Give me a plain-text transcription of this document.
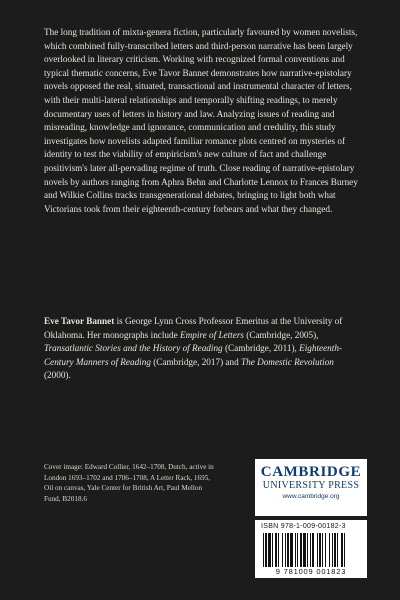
The long tradition of mixta-genera fiction, particularly favoured by women novelists, which combined fully-transcribed letters and third-person narrative has been largely overlooked in literary criticism. Working with recognized formal conventions and typical thematic concerns, Eve Tavor Bannet demonstrates how narrative-epistolary novels opposed the real, situated, transactional and instrumental character of letters, with their multi-lateral relationships and temporally shifting readings, to merely documentary uses of letters in history and law. Analyzing issues of reading and misreading, knowledge and ignorance, communication and credulity, this study investigates how novelists adapted familiar romance plots centred on mysteries of identity to test the viability of empiricism's new culture of fact and challenge positivism's later all-pervading regime of truth. Close reading of narrative-epistolary novels by authors ranging from Aphra Behn and Charlotte Lennox to Frances Burney and Wilkie Collins tracks transgenerational debates, bringing to light both what Victorians took from their eighteenth-century forbears and what they changed.

Eve Tavor Bannet is George Lynn Cross Professor Emeritus at the University of Oklahoma. Her monographs include Empire of Letters (Cambridge, 2005), Transatlantic Stories and the History of Reading (Cambridge, 2011), Eighteenth-Century Manners of Reading (Cambridge, 2017) and The Domestic Revolution (2000).

Cover image: Edward Collier, 1642–1708, Dutch, active in London 1693–1702 and 1706–1708, A Letter Rack, 1695, Oil on canvas, Yale Center for British Art, Paul Mellon Fund, B2018.6
CAMBRIDGE
UNIVERSITY PRESS
www.cambridge.org
ISBN 978-1-009-00182-3
9 781009 001823
